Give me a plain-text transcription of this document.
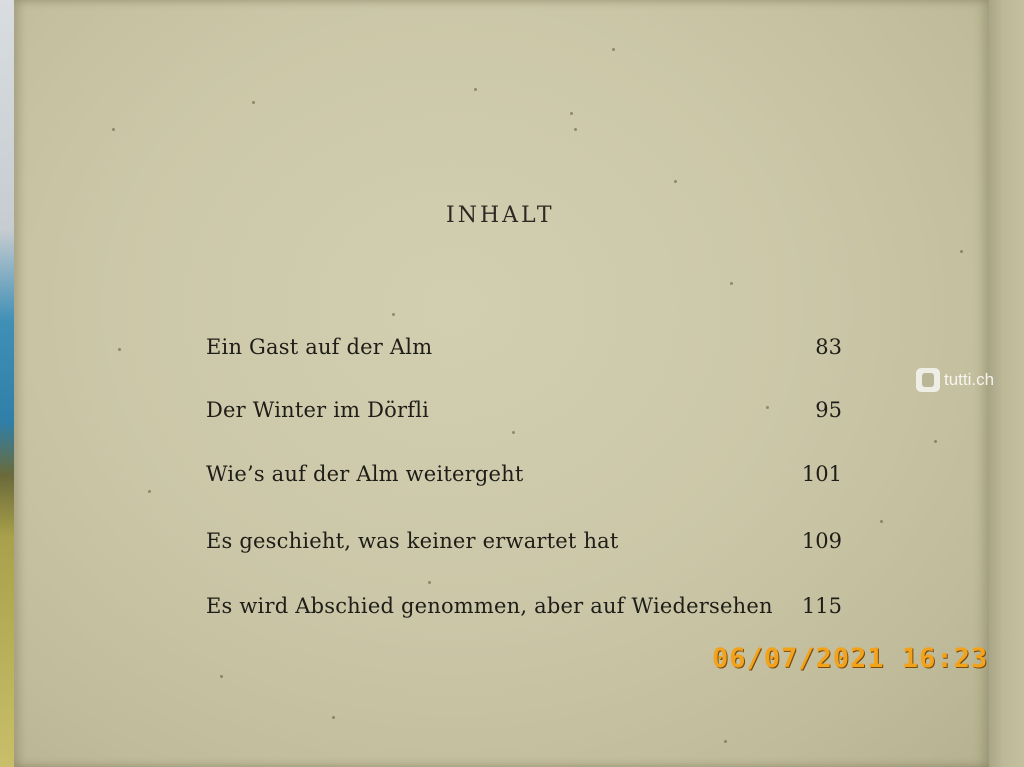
INHALT
Ein Gast auf der Alm	83
Der Winter im Dörfli	95
Wie’s auf der Alm weitergeht	101
Es geschieht, was keiner erwartet hat	109
Es wird Abschied genommen, aber auf Wiedersehen 115
tutti.ch
06/07/2021 16:23
